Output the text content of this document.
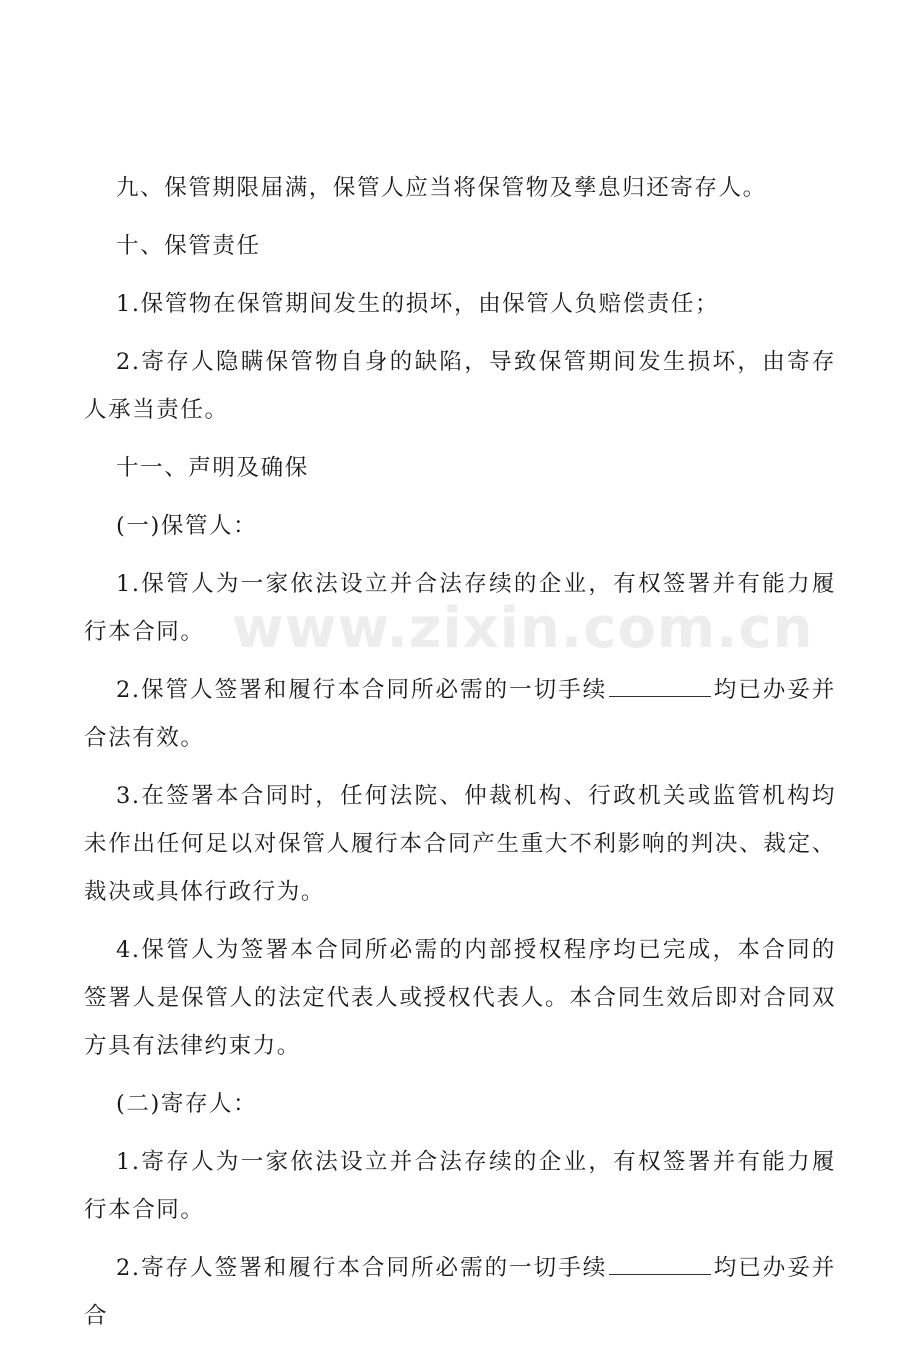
九、保管期限届满，保管人应当将保管物及孳息归还寄存人。

十、保管责任

1.保管物在保管期间发生的损坏，由保管人负赔偿责任；

2.寄存人隐瞒保管物自身的缺陷，导致保管期间发生损坏，由寄存人承当责任。

十一、声明及确保

(一)保管人：

1.保管人为一家依法设立并合法存续的企业，有权签署并有能力履行本合同。

2.保管人签署和履行本合同所必需的一切手续	均已办妥并合法有效。

3.在签署本合同时，任何法院、仲裁机构、行政机关或监管机构均未作出任何足以对保管人履行本合同产生重大不利影响的判决、裁定、裁决或具体行政行为。

4.保管人为签署本合同所必需的内部授权程序均已完成，本合同的签署人是保管人的法定代表人或授权代表人。本合同生效后即对合同双方具有法律约束力。

(二)寄存人：

1.寄存人为一家依法设立并合法存续的企业，有权签署并有能力履行本合同。

2.寄存人签署和履行本合同所必需的一切手续	均已办妥并合

www.zixin.com.cn
